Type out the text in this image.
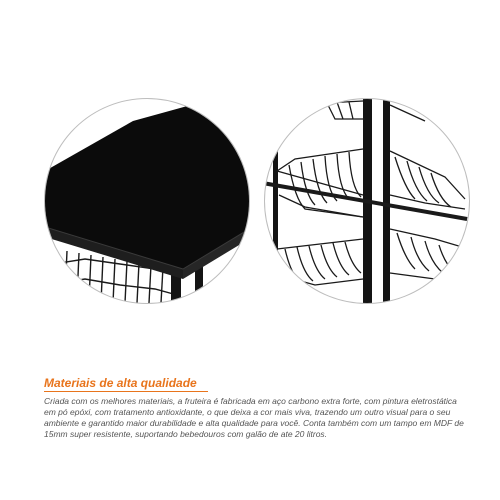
Materiais de alta qualidade

Criada com os melhores materiais, a fruteira é fabricada em aço carbono extra forte, com pintura eletrostática em pó epóxi, com tratamento antioxidante, o que deixa a cor mais viva, trazendo um outro visual para o seu ambiente e garantido maior durabilidade e alta qualidade para você. Conta também com um tampo em MDF de 15mm super resistente, suportando bebedouros com galão de ate 20 litros.
